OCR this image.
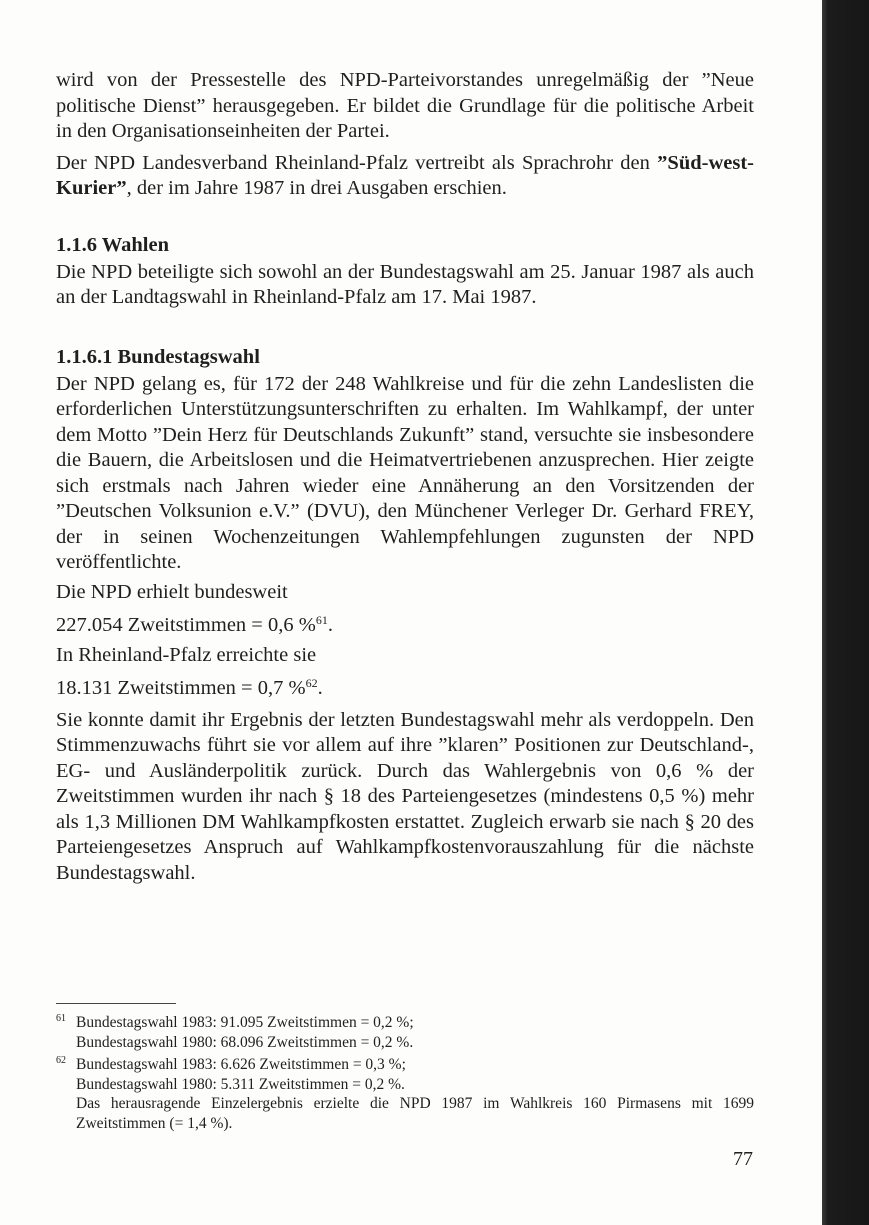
wird von der Pressestelle des NPD-Parteivorstandes unregelmäßig der ”Neue politische Dienst” herausgegeben. Er bildet die Grundlage für die politische Arbeit in den Organisationseinheiten der Partei.

Der NPD Landesverband Rheinland-Pfalz vertreibt als Sprachrohr den ”Süd-west-Kurier”, der im Jahre 1987 in drei Ausgaben erschien.

1.1.6 Wahlen

Die NPD beteiligte sich sowohl an der Bundestagswahl am 25. Januar 1987 als auch an der Landtagswahl in Rheinland-Pfalz am 17. Mai 1987.

1.1.6.1 Bundestagswahl

Der NPD gelang es, für 172 der 248 Wahlkreise und für die zehn Landeslisten die erforderlichen Unterstützungsunterschriften zu erhalten. Im Wahlkampf, der unter dem Motto ”Dein Herz für Deutschlands Zukunft” stand, versuchte sie insbesondere die Bauern, die Arbeitslosen und die Heimatvertriebenen anzusprechen. Hier zeigte sich erstmals nach Jahren wieder eine Annäherung an den Vorsitzenden der ”Deutschen Volksunion e.V.” (DVU), den Münchener Verleger Dr. Gerhard FREY, der in seinen Wochenzeitungen Wahlempfehlungen zugunsten der NPD veröffentlichte.

Die NPD erhielt bundesweit

227.054 Zweitstimmen = 0,6 %$^{61}$.

In Rheinland-Pfalz erreichte sie

18.131 Zweitstimmen = 0,7 %$^{62}$.

Sie konnte damit ihr Ergebnis der letzten Bundestagswahl mehr als verdoppeln. Den Stimmenzuwachs führt sie vor allem auf ihre ”klaren” Positionen zur Deutschland-, EG- und Ausländerpolitik zurück. Durch das Wahlergebnis von 0,6 % der Zweitstimmen wurden ihr nach § 18 des Parteiengesetzes (mindestens 0,5 %) mehr als 1,3 Millionen DM Wahlkampfkosten erstattet. Zugleich erwarb sie nach § 20 des Parteiengesetzes Anspruch auf Wahlkampfkostenvorauszahlung für die nächste Bundestagswahl.

61 Bundestagswahl 1983: 91.095 Zweitstimmen = 0,2 %;
Bundestagswahl 1980: 68.096 Zweitstimmen = 0,2 %.
62 Bundestagswahl 1983: 6.626 Zweitstimmen = 0,3 %;
Bundestagswahl 1980: 5.311 Zweitstimmen = 0,2 %.
Das herausragende Einzelergebnis erzielte die NPD 1987 im Wahlkreis 160 Pirmasens mit 1699 Zweitstimmen (= 1,4 %).
77
